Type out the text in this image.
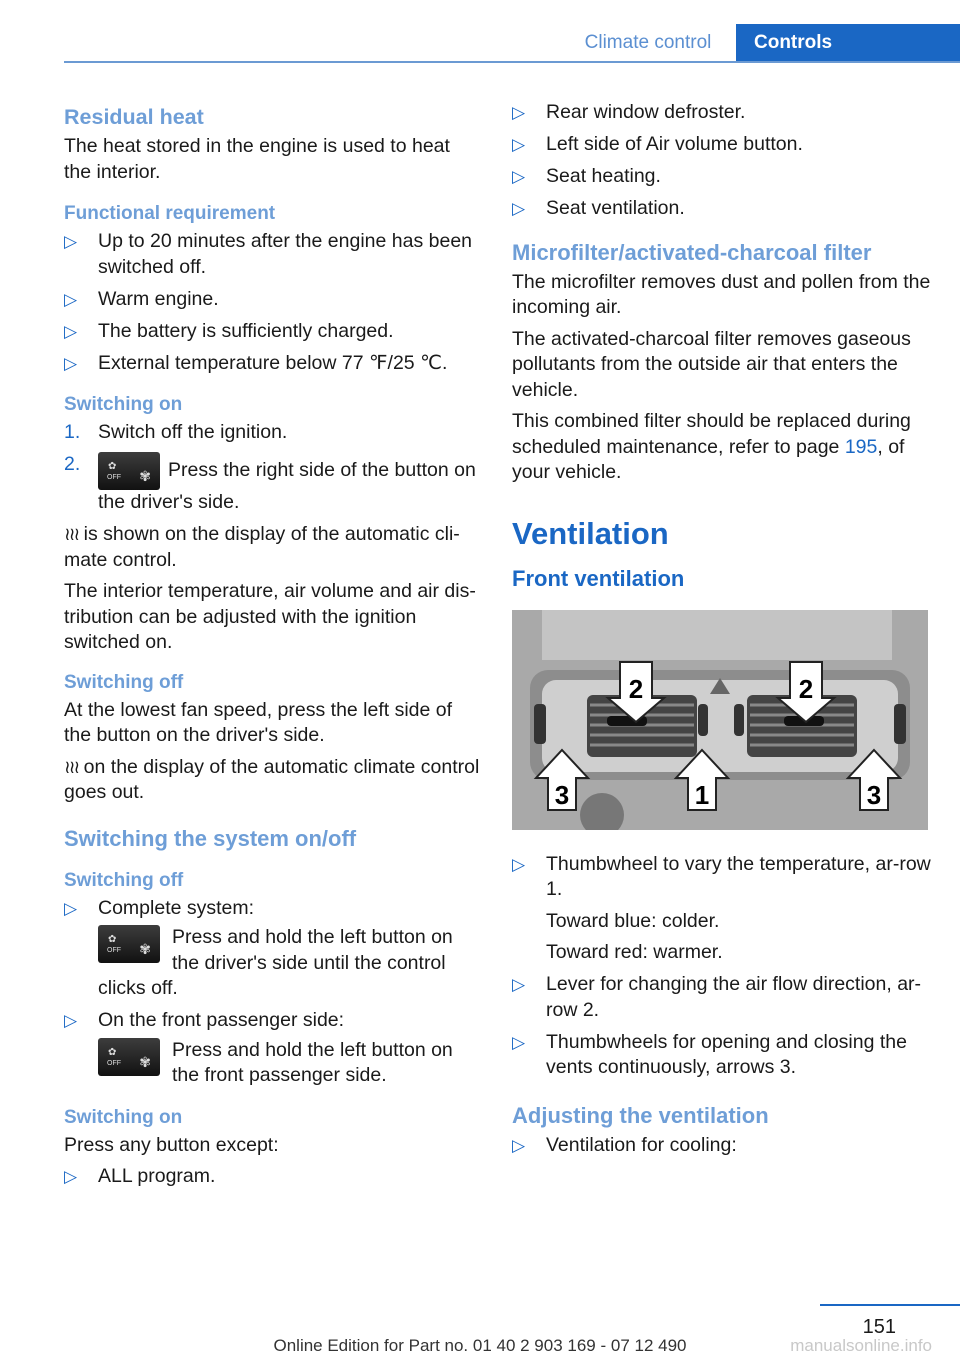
Climate control	Controls
Residual heat

The heat stored in the engine is used to heat the interior.

Functional requirement
▷ Up to 20 minutes after the engine has been switched off.
▷ Warm engine.
▷ The battery is sufficiently charged.
▷ External temperature below 77 ℉/25 ℃.
Switching on
1. Switch off the ignition.
2.	✿
OFF ✾ Press the right side of the button on the driver's side.

≀≀≀ is shown on the display of the automatic cli‐mate control.

The interior temperature, air volume and air dis‐tribution can be adjusted with the ignition switched on.

Switching off

At the lowest fan speed, press the left side of the button on the driver's side.

≀≀≀ on the display of the automatic climate control goes out.

Switching the system on/off
Switching off
▷ Complete system:
✿
OFF ✾
Press and hold the left button on the driver's side until the control
clicks off.
▷ On the front passenger side:
✿
OFF ✾
Press and hold the left button on the front passenger side.
Switching on

Press any button except:

▷ ALL program.
▷ Rear window defroster.
▷ Left side of Air volume button.
▷ Seat heating.
▷ Seat ventilation.
Microfilter/activated-charcoal filter

The microfilter removes dust and pollen from the incoming air.

The activated-charcoal filter removes gaseous pollutants from the outside air that enters the vehicle.

This combined filter should be replaced during scheduled maintenance, refer to page 195, of your vehicle.

Ventilation
Front ventilation
2	2
3	1	3
▷ Thumbwheel to vary the temperature, ar‐row 1.
Toward blue: colder.
Toward red: warmer.
▷ Lever for changing the air flow direction, ar‐row 2.
▷ Thumbwheels for opening and closing the vents continuously, arrows 3.
Adjusting the ventilation
▷ Ventilation for cooling:
151
Online Edition for Part no. 01 40 2 903 169 - 07 12 490	manualsonline.info
